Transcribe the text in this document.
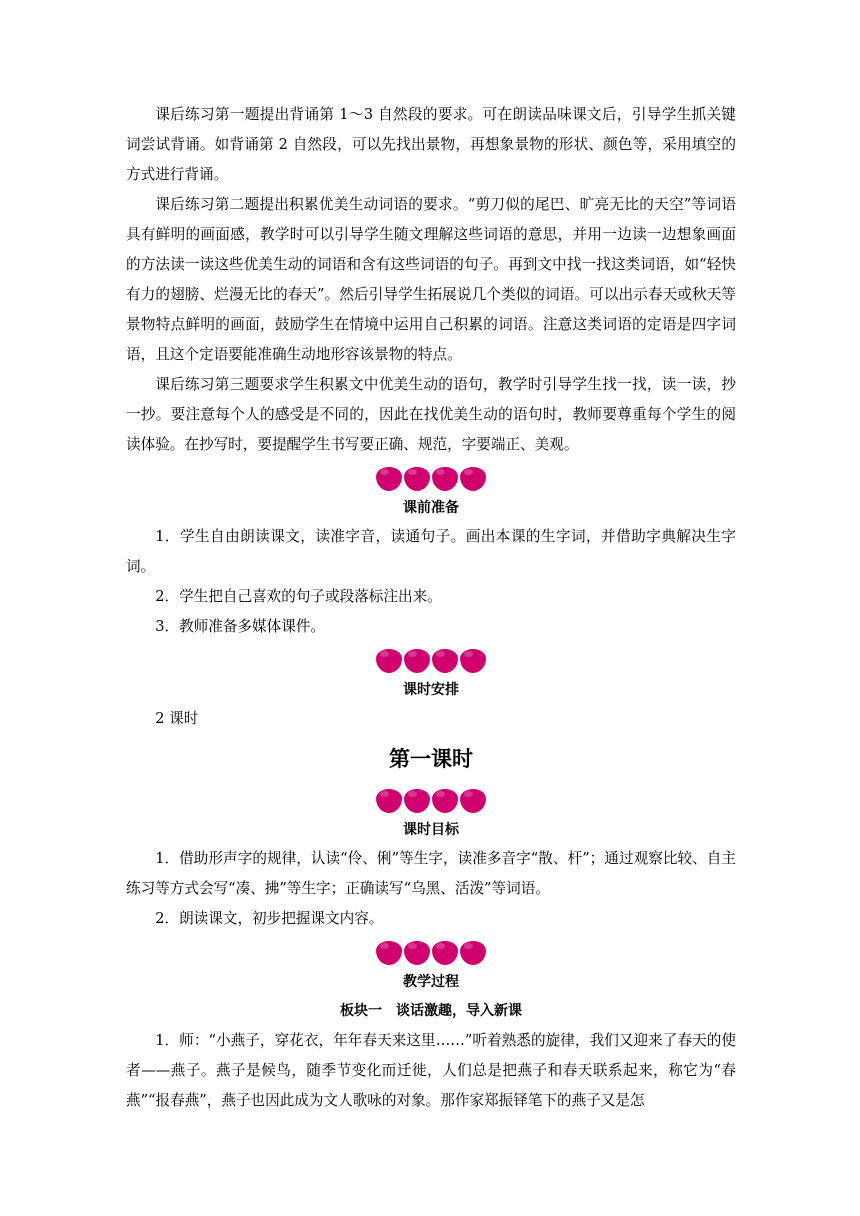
课后练习第一题提出背诵第 1～3 自然段的要求。可在朗读品味课文后，引导学生抓关键词尝试背诵。如背诵第 2 自然段，可以先找出景物，再想象景物的形状、颜色等，采用填空的方式进行背诵。

课后练习第二题提出积累优美生动词语的要求。“剪刀似的尾巴、旷亮无比的天空”等词语具有鲜明的画面感，教学时可以引导学生随文理解这些词语的意思，并用一边读一边想象画面的方法读一读这些优美生动的词语和含有这些词语的句子。再到文中找一找这类词语，如“轻快有力的翅膀、烂漫无比的春天”。然后引导学生拓展说几个类似的词语。可以出示春天或秋天等景物特点鲜明的画面，鼓励学生在情境中运用自己积累的词语。注意这类词语的定语是四字词语，且这个定语要能准确生动地形容该景物的特点。

课后练习第三题要求学生积累文中优美生动的语句，教学时引导学生找一找，读一读，抄一抄。要注意每个人的感受是不同的，因此在找优美生动的语句时，教师要尊重每个学生的阅读体验。在抄写时，要提醒学生书写要正确、规范，字要端正、美观。

课前准备

1．学生自由朗读课文，读准字音，读通句子。画出本课的生字词，并借助字典解决生字词。

2．学生把自己喜欢的句子或段落标注出来。

3．教师准备多媒体课件。

课时安排

2 课时

第一课时
课时目标

1．借助形声字的规律，认读“伶、俐”等生字，读准多音字“散、杆”；通过观察比较、自主练习等方式会写“凑、拂”等生字；正确读写“乌黑、活泼”等词语。

2．朗读课文，初步把握课文内容。

教学过程
板块一　谈话激趣，导入新课

1．师：“小燕子，穿花衣，年年春天来这里……”听着熟悉的旋律，我们又迎来了春天的使者——燕子。燕子是候鸟，随季节变化而迁徙，人们总是把燕子和春天联系起来，称它为“春燕”“报春燕”，燕子也因此成为文人歌咏的对象。那作家郑振铎笔下的燕子又是怎
